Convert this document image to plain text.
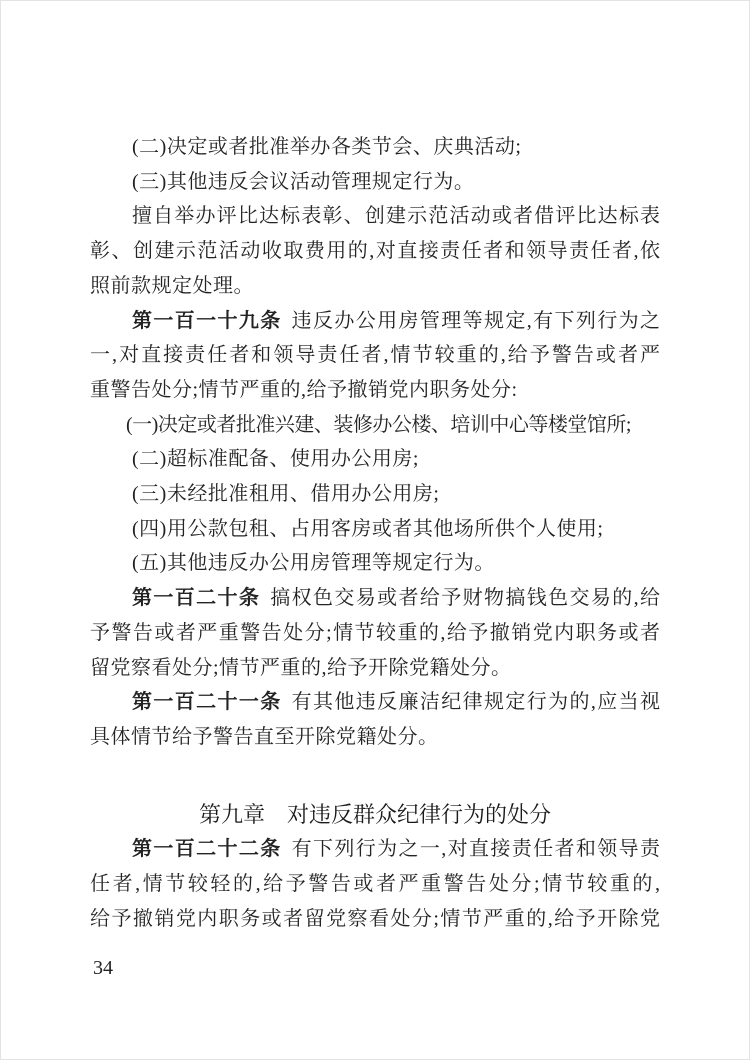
(二)决定或者批准举办各类节会、庆典活动;
(三)其他违反会议活动管理规定行为。
擅自举办评比达标表彰、创建示范活动或者借评比达标表
彰、创建示范活动收取费用的,对直接责任者和领导责任者,依
照前款规定处理。
第一百一十九条 违反办公用房管理等规定,有下列行为之
一,对直接责任者和领导责任者,情节较重的,给予警告或者严
重警告处分;情节严重的,给予撤销党内职务处分:
(一)决定或者批准兴建、装修办公楼、培训中心等楼堂馆所;
(二)超标准配备、使用办公用房;
(三)未经批准租用、借用办公用房;
(四)用公款包租、占用客房或者其他场所供个人使用;
(五)其他违反办公用房管理等规定行为。
第一百二十条 搞权色交易或者给予财物搞钱色交易的,给
予警告或者严重警告处分;情节较重的,给予撤销党内职务或者
留党察看处分;情节严重的,给予开除党籍处分。
第一百二十一条 有其他违反廉洁纪律规定行为的,应当视
具体情节给予警告直至开除党籍处分。
第九章　对违反群众纪律行为的处分
第一百二十二条 有下列行为之一,对直接责任者和领导责
任者,情节较轻的,给予警告或者严重警告处分;情节较重的,
给予撤销党内职务或者留党察看处分;情节严重的,给予开除党
34
